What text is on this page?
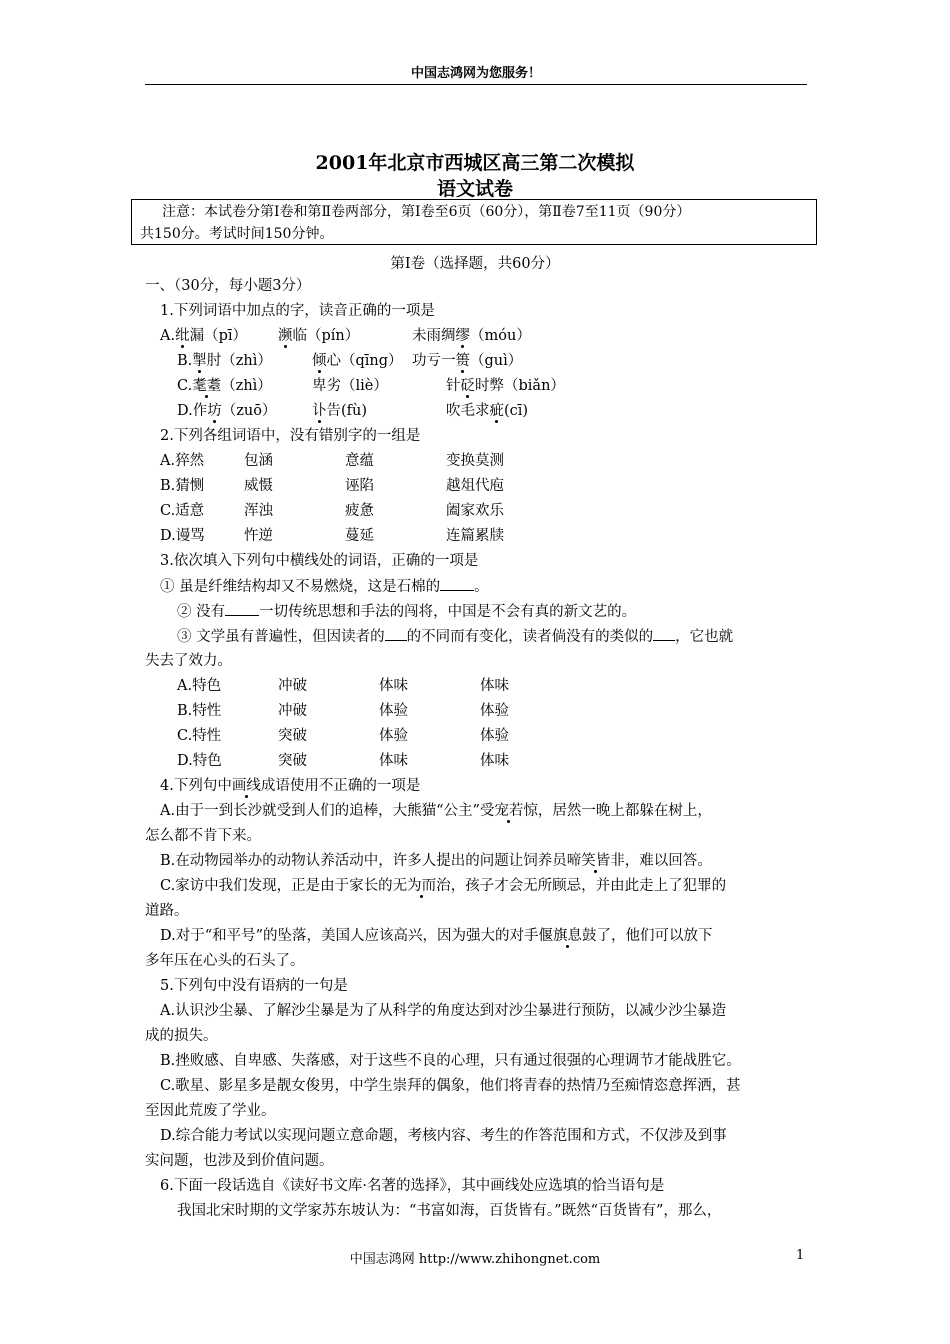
中国志鸿网为您服务！
2001年北京市西城区高三第二次模拟
语文试卷

注意：本试卷分第Ⅰ卷和第Ⅱ卷两部分，第Ⅰ卷至6页（60分），第Ⅱ卷7至11页（90分）

共150分。考试时间150分钟。

第Ⅰ卷（选择题，共60分）
一、（30分，每小题3分）
1.下列词语中加点的字，读音正确的一项是
A.纰漏（pī） 濒临（pín）	未雨绸缪（móu）
B.掣肘（zhì）	倾心（qīng） 功亏一篑（guì）
C.耄耋（zhì）	卑劣（liè）	针砭时弊（biǎn）
D.作坊（zuō） 讣告(fù)	吹毛求疵(cī)
2.下列各组词语中，没有错别字的一组是
A.猝然	包涵	意蕴	变换莫测
B.猜恻	威慑	诬陷	越俎代庖
C.适意	浑浊	疲惫	阖家欢乐
D.谩骂	忤逆	蔓延	连篇累牍
3.依次填入下列句中横线处的词语，正确的一项是
① 虽是纤维结构却又不易燃烧，这是石棉的 。
② 没有 一切传统思想和手法的闯将，中国是不会有真的新文艺的。
③ 文学虽有普遍性，但因读者的 的不同而有变化，读者倘没有的类似的 ，它也就
失去了效力。
A.特色	冲破	体味	体味
B.特性	冲破	体验	体验
C.特性	突破	体验	体验
D.特色	突破	体味	体味
4.下列句中画线成语使用不正确的一项是
A.由于一到长沙就受到人们的追棒，大熊猫“公主”受宠若惊，居然一晚上都躲在树上，
怎么都不肯下来。
B.在动物园举办的动物认养活动中，许多人提出的问题让饲养员啼笑皆非，难以回答。
C.家访中我们发现，正是由于家长的无为而治，孩子才会无所顾忌，并由此走上了犯罪的
道路。
D.对于“和平号”的坠落，美国人应该高兴，因为强大的对手偃旗息鼓了，他们可以放下
多年压在心头的石头了。
5.下列句中没有语病的一句是
A.认识沙尘暴、了解沙尘暴是为了从科学的角度达到对沙尘暴进行预防，以减少沙尘暴造
成的损失。
B.挫败感、自卑感、失落感，对于这些不良的心理，只有通过很强的心理调节才能战胜它。
C.歌星、影星多是靓女俊男，中学生崇拜的偶象，他们将青春的热情乃至痴情恣意挥洒，甚
至因此荒废了学业。
D.综合能力考试以实现问题立意命题，考核内容、考生的作答范围和方式，不仅涉及到事
实问题，也涉及到价值问题。
6.下面一段话选自《读好书文库·名著的选择》，其中画线处应选填的恰当语句是
我国北宋时期的文学家苏东坡认为：“书富如海，百货皆有。”既然“百货皆有”，那么，
中国志鸿网 http://www.zhihongnet.com	1
